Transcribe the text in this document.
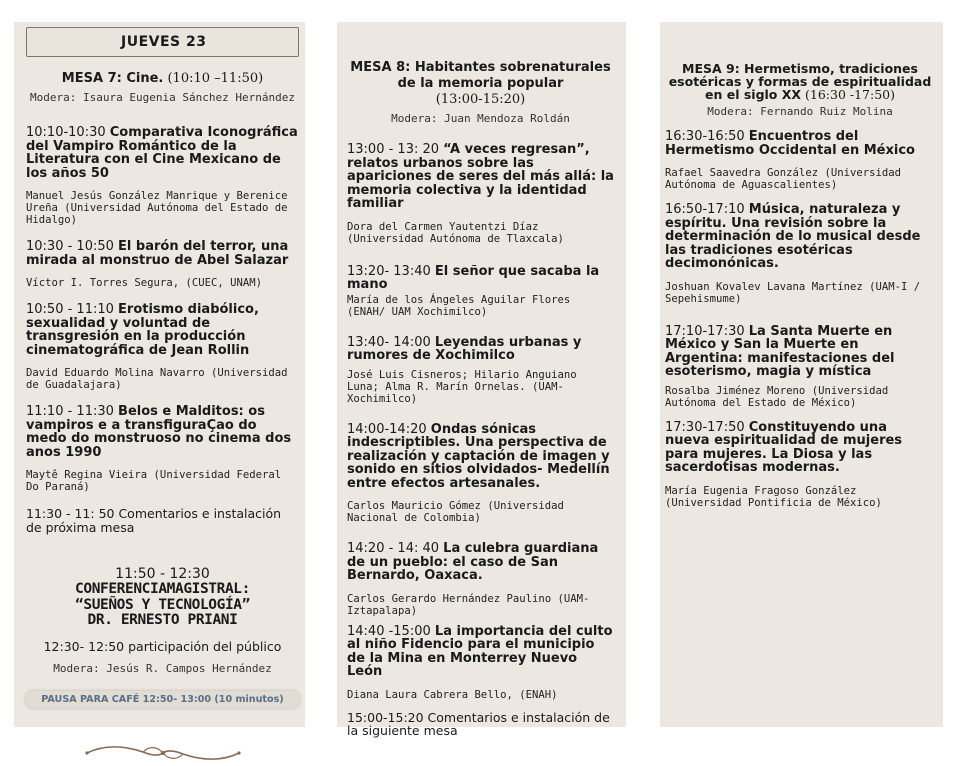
JUEVES 23
MESA 7: Cine. (10:10 –11:50)
Modera: Isaura Eugenia Sánchez Hernández
10:10-10:30 Comparativa Iconográfica del Vampiro Romántico de la Literatura con el Cine Mexicano de los años 50
Manuel Jesús González Manrique y Berenice Ureña (Universidad Autónoma del Estado de Hidalgo)
10:30 - 10:50 El barón del terror, una mirada al monstruo de Abel Salazar
Víctor I. Torres Segura, (CUEC, UNAM)
10:50 - 11:10 Erotismo diabólico, sexualidad y voluntad de transgresión en la producción cinematográfica de Jean Rollin
David Eduardo Molina Navarro (Universidad de Guadalajara)
11:10 - 11:30 Belos e Malditos: os vampiros e a transfiguraÇao do medo do monstruoso no cinema dos anos 1990
Maytê Regina Vieira (Universidad Federal Do Paraná)
11:30 - 11: 50 Comentarios e instalación de próxima mesa
11:50 - 12:30
CONFERENCIAMAGISTRAL:
“SUEÑOS Y TECNOLOGÍA”
DR. ERNESTO PRIANI
12:30- 12:50 participación del público
Modera: Jesús R. Campos Hernández
PAUSA PARA CAFÉ 12:50- 13:00 (10 minutos)
MESA 8: Habitantes sobrenaturales de la memoria popular
(13:00-15:20)
Modera: Juan Mendoza Roldán
13:00 - 13: 20 “A veces regresan”, relatos urbanos sobre las apariciones de seres del más allá: la memoria colectiva y la identidad familiar
Dora del Carmen Yautentzi Díaz (Universidad Autónoma de Tlaxcala)
13:20- 13:40 El señor que sacaba la mano
María de los Ángeles Aguilar Flores (ENAH/ UAM Xochimilco)
13:40- 14:00 Leyendas urbanas y rumores de Xochimilco
José Luis Cisneros; Hilario Anguiano Luna; Alma R. Marín Ornelas. (UAM-Xochimilco)
14:00-14:20 Ondas sónicas indescriptibles. Una perspectiva de realización y captación de imagen y sonido en sitios olvidados- Medellín entre efectos artesanales.
Carlos Mauricio Gómez (Universidad Nacional de Colombia)
14:20 - 14: 40 La culebra guardiana de un pueblo: el caso de San Bernardo, Oaxaca.
Carlos Gerardo Hernández Paulino (UAM-Iztapalapa)
14:40 -15:00 La importancia del culto al niño Fidencio para el municipio de la Mina en Monterrey Nuevo León
Diana Laura Cabrera Bello, (ENAH)
15:00-15:20 Comentarios e instalación de la siguiente mesa
MESA 9: Hermetismo, tradiciones esotéricas y formas de espiritualidad en el siglo XX (16:30 -17:50)
Modera: Fernando Ruiz Molina
16:30-16:50 Encuentros del Hermetismo Occidental en México
Rafael Saavedra González (Universidad Autónoma de Aguascalientes)
16:50-17:10 Música, naturaleza y espíritu. Una revisión sobre la determinación de lo musical desde las tradiciones esotéricas decimonónicas.
Joshuan Kovalev Lavana Martínez (UAM-I / Sepehismume)
17:10-17:30 La Santa Muerte en México y San la Muerte en Argentina: manifestaciones del esoterismo, magia y mística
Rosalba Jiménez Moreno (Universidad Autónoma del Estado de México)
17:30-17:50 Constituyendo una nueva espiritualidad de mujeres para mujeres. La Diosa y las sacerdotisas modernas.
María Eugenia Fragoso González (Universidad Pontificia de México)
